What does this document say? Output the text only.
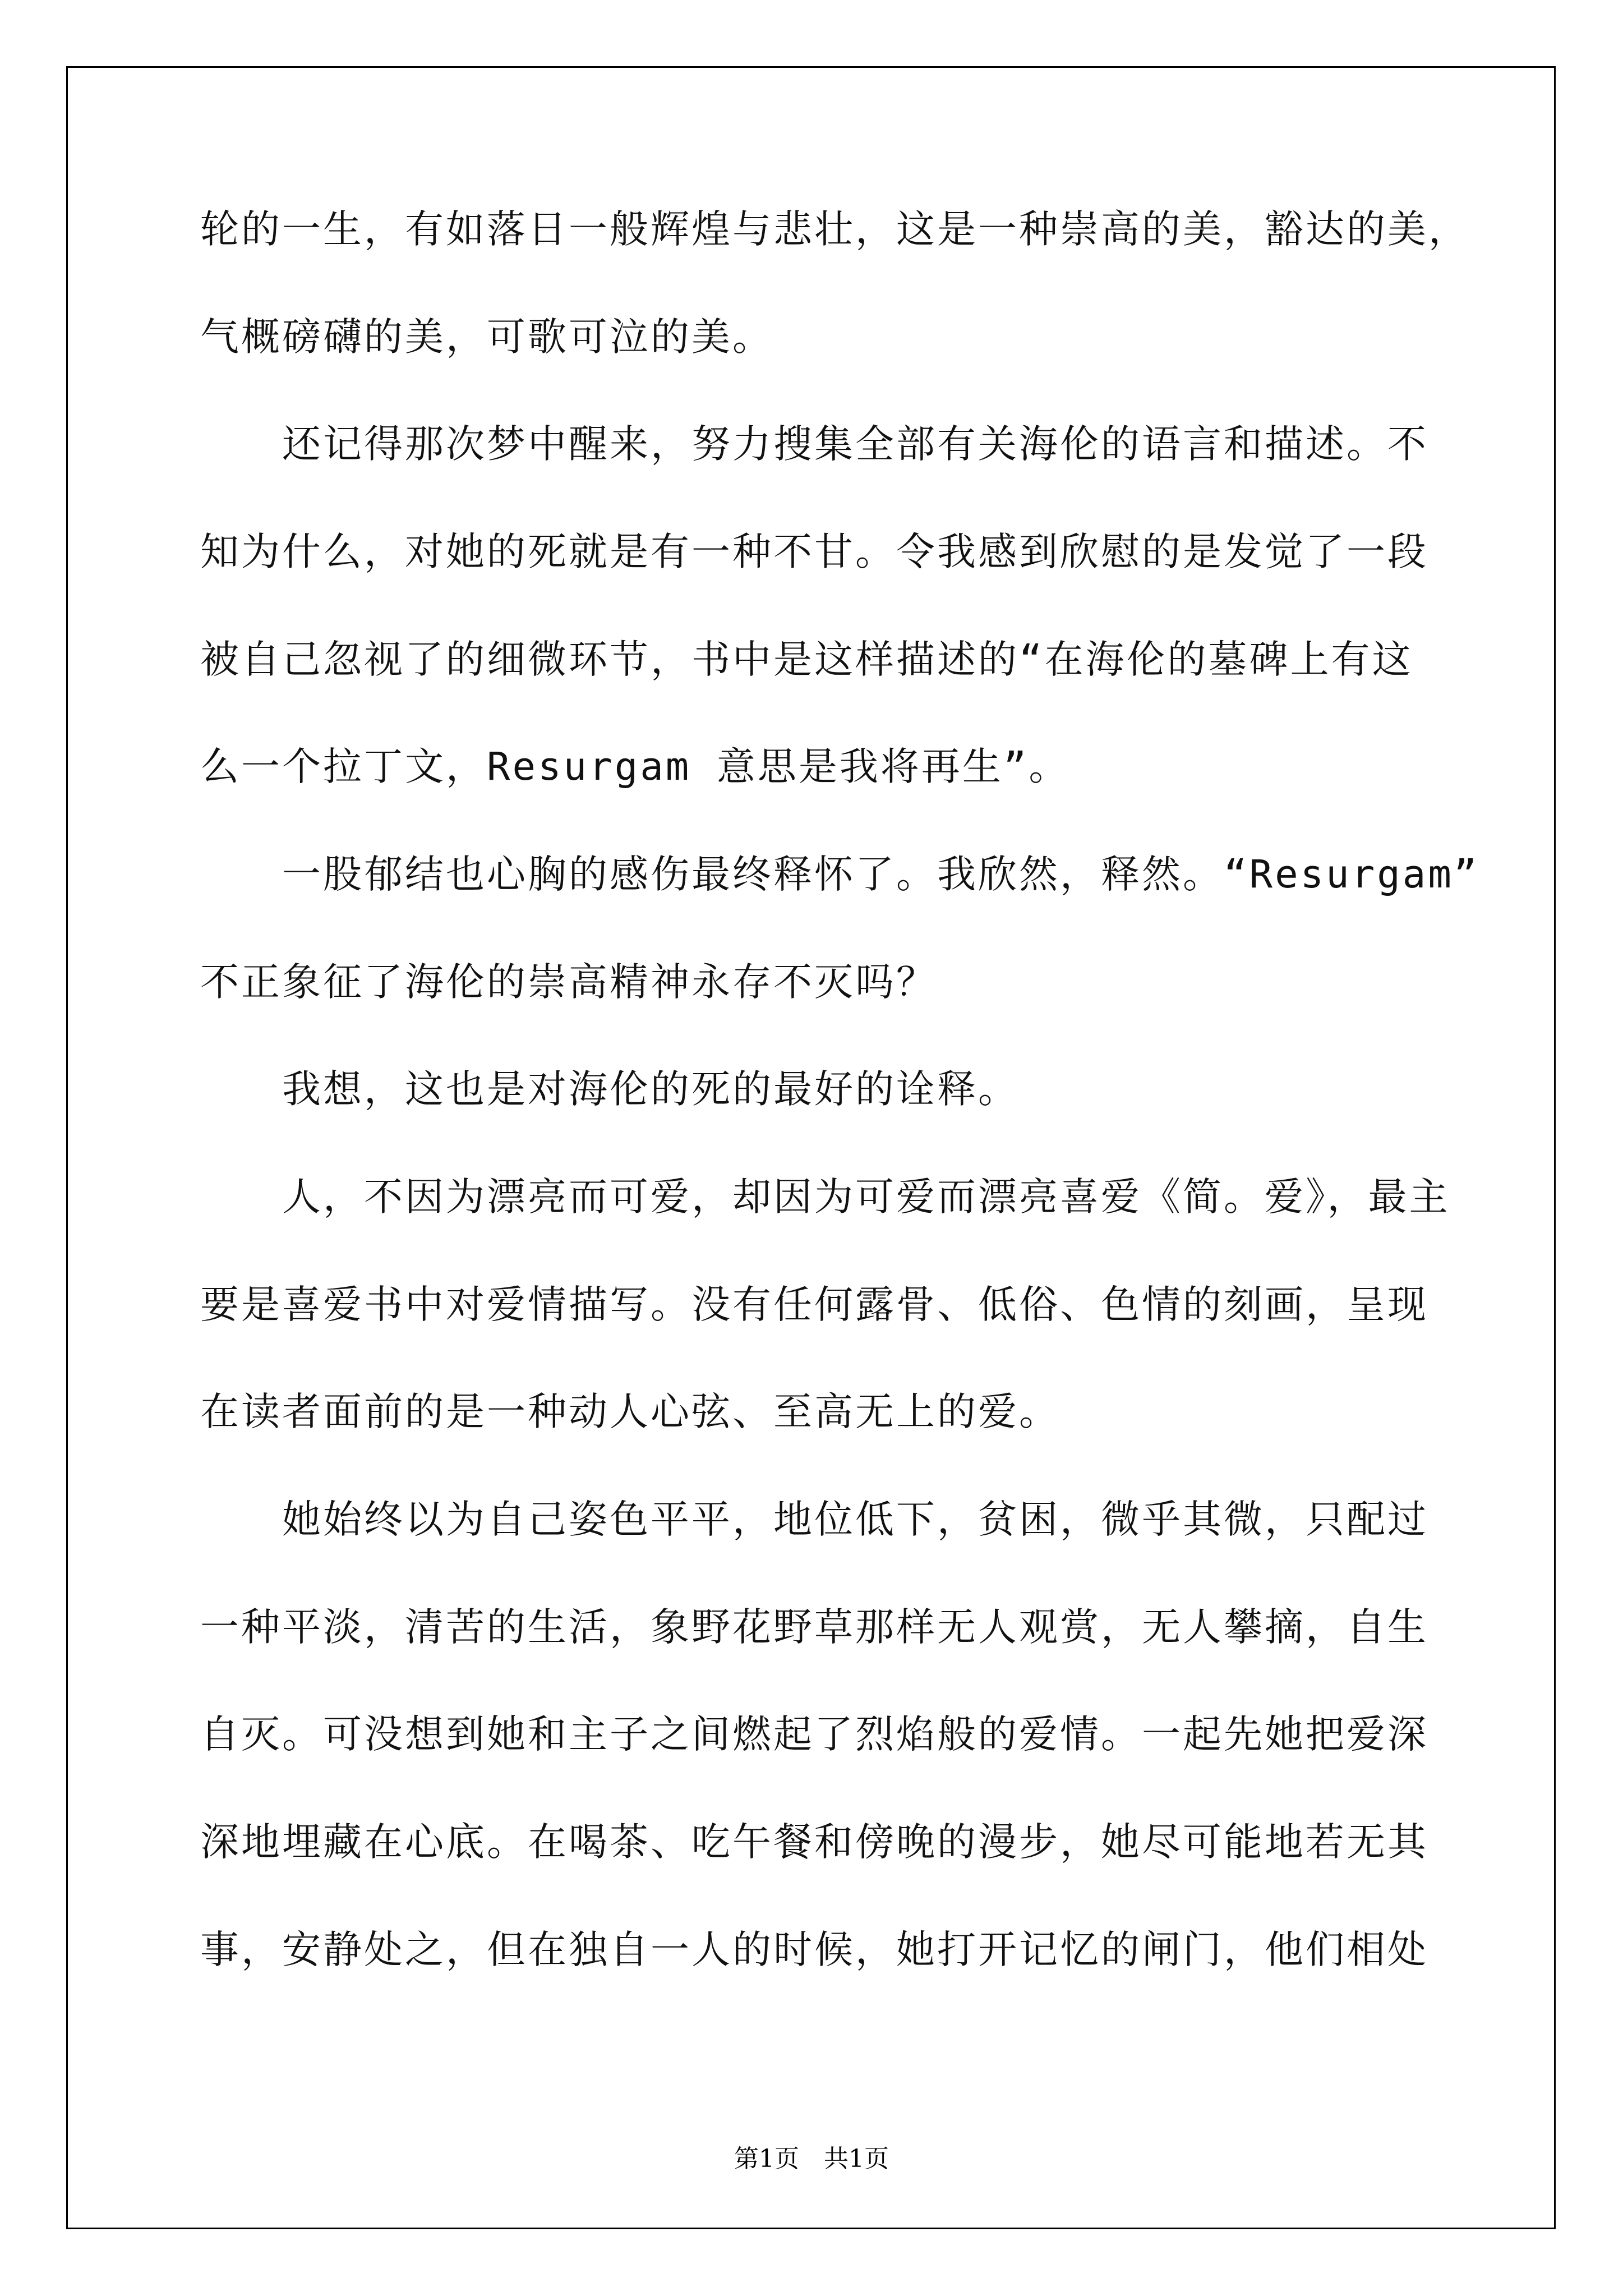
轮的一生，有如落日一般辉煌与悲壮，这是一种崇高的美，豁达的美，
气概磅礴的美，可歌可泣的美。
　　还记得那次梦中醒来，努力搜集全部有关海伦的语言和描述。不
知为什么，对她的死就是有一种不甘。令我感到欣慰的是发觉了一段
被自己忽视了的细微环节，书中是这样描述的“在海伦的墓碑上有这
么一个拉丁文，Resurgam 意思是我将再生”。
　　一股郁结也心胸的感伤最终释怀了。我欣然，释然。“Resurgam”
不正象征了海伦的崇高精神永存不灭吗？
　　我想，这也是对海伦的死的最好的诠释。
　　人，不因为漂亮而可爱，却因为可爱而漂亮喜爱《简。爱》，最主
要是喜爱书中对爱情描写。没有任何露骨、低俗、色情的刻画，呈现
在读者面前的是一种动人心弦、至高无上的爱。
　　她始终以为自己姿色平平，地位低下，贫困，微乎其微，只配过
一种平淡，清苦的生活，象野花野草那样无人观赏，无人攀摘，自生
自灭。可没想到她和主子之间燃起了烈焰般的爱情。一起先她把爱深
深地埋藏在心底。在喝茶、吃午餐和傍晚的漫步，她尽可能地若无其
事，安静处之，但在独自一人的时候，她打开记忆的闸门，他们相处
第1页　共1页
